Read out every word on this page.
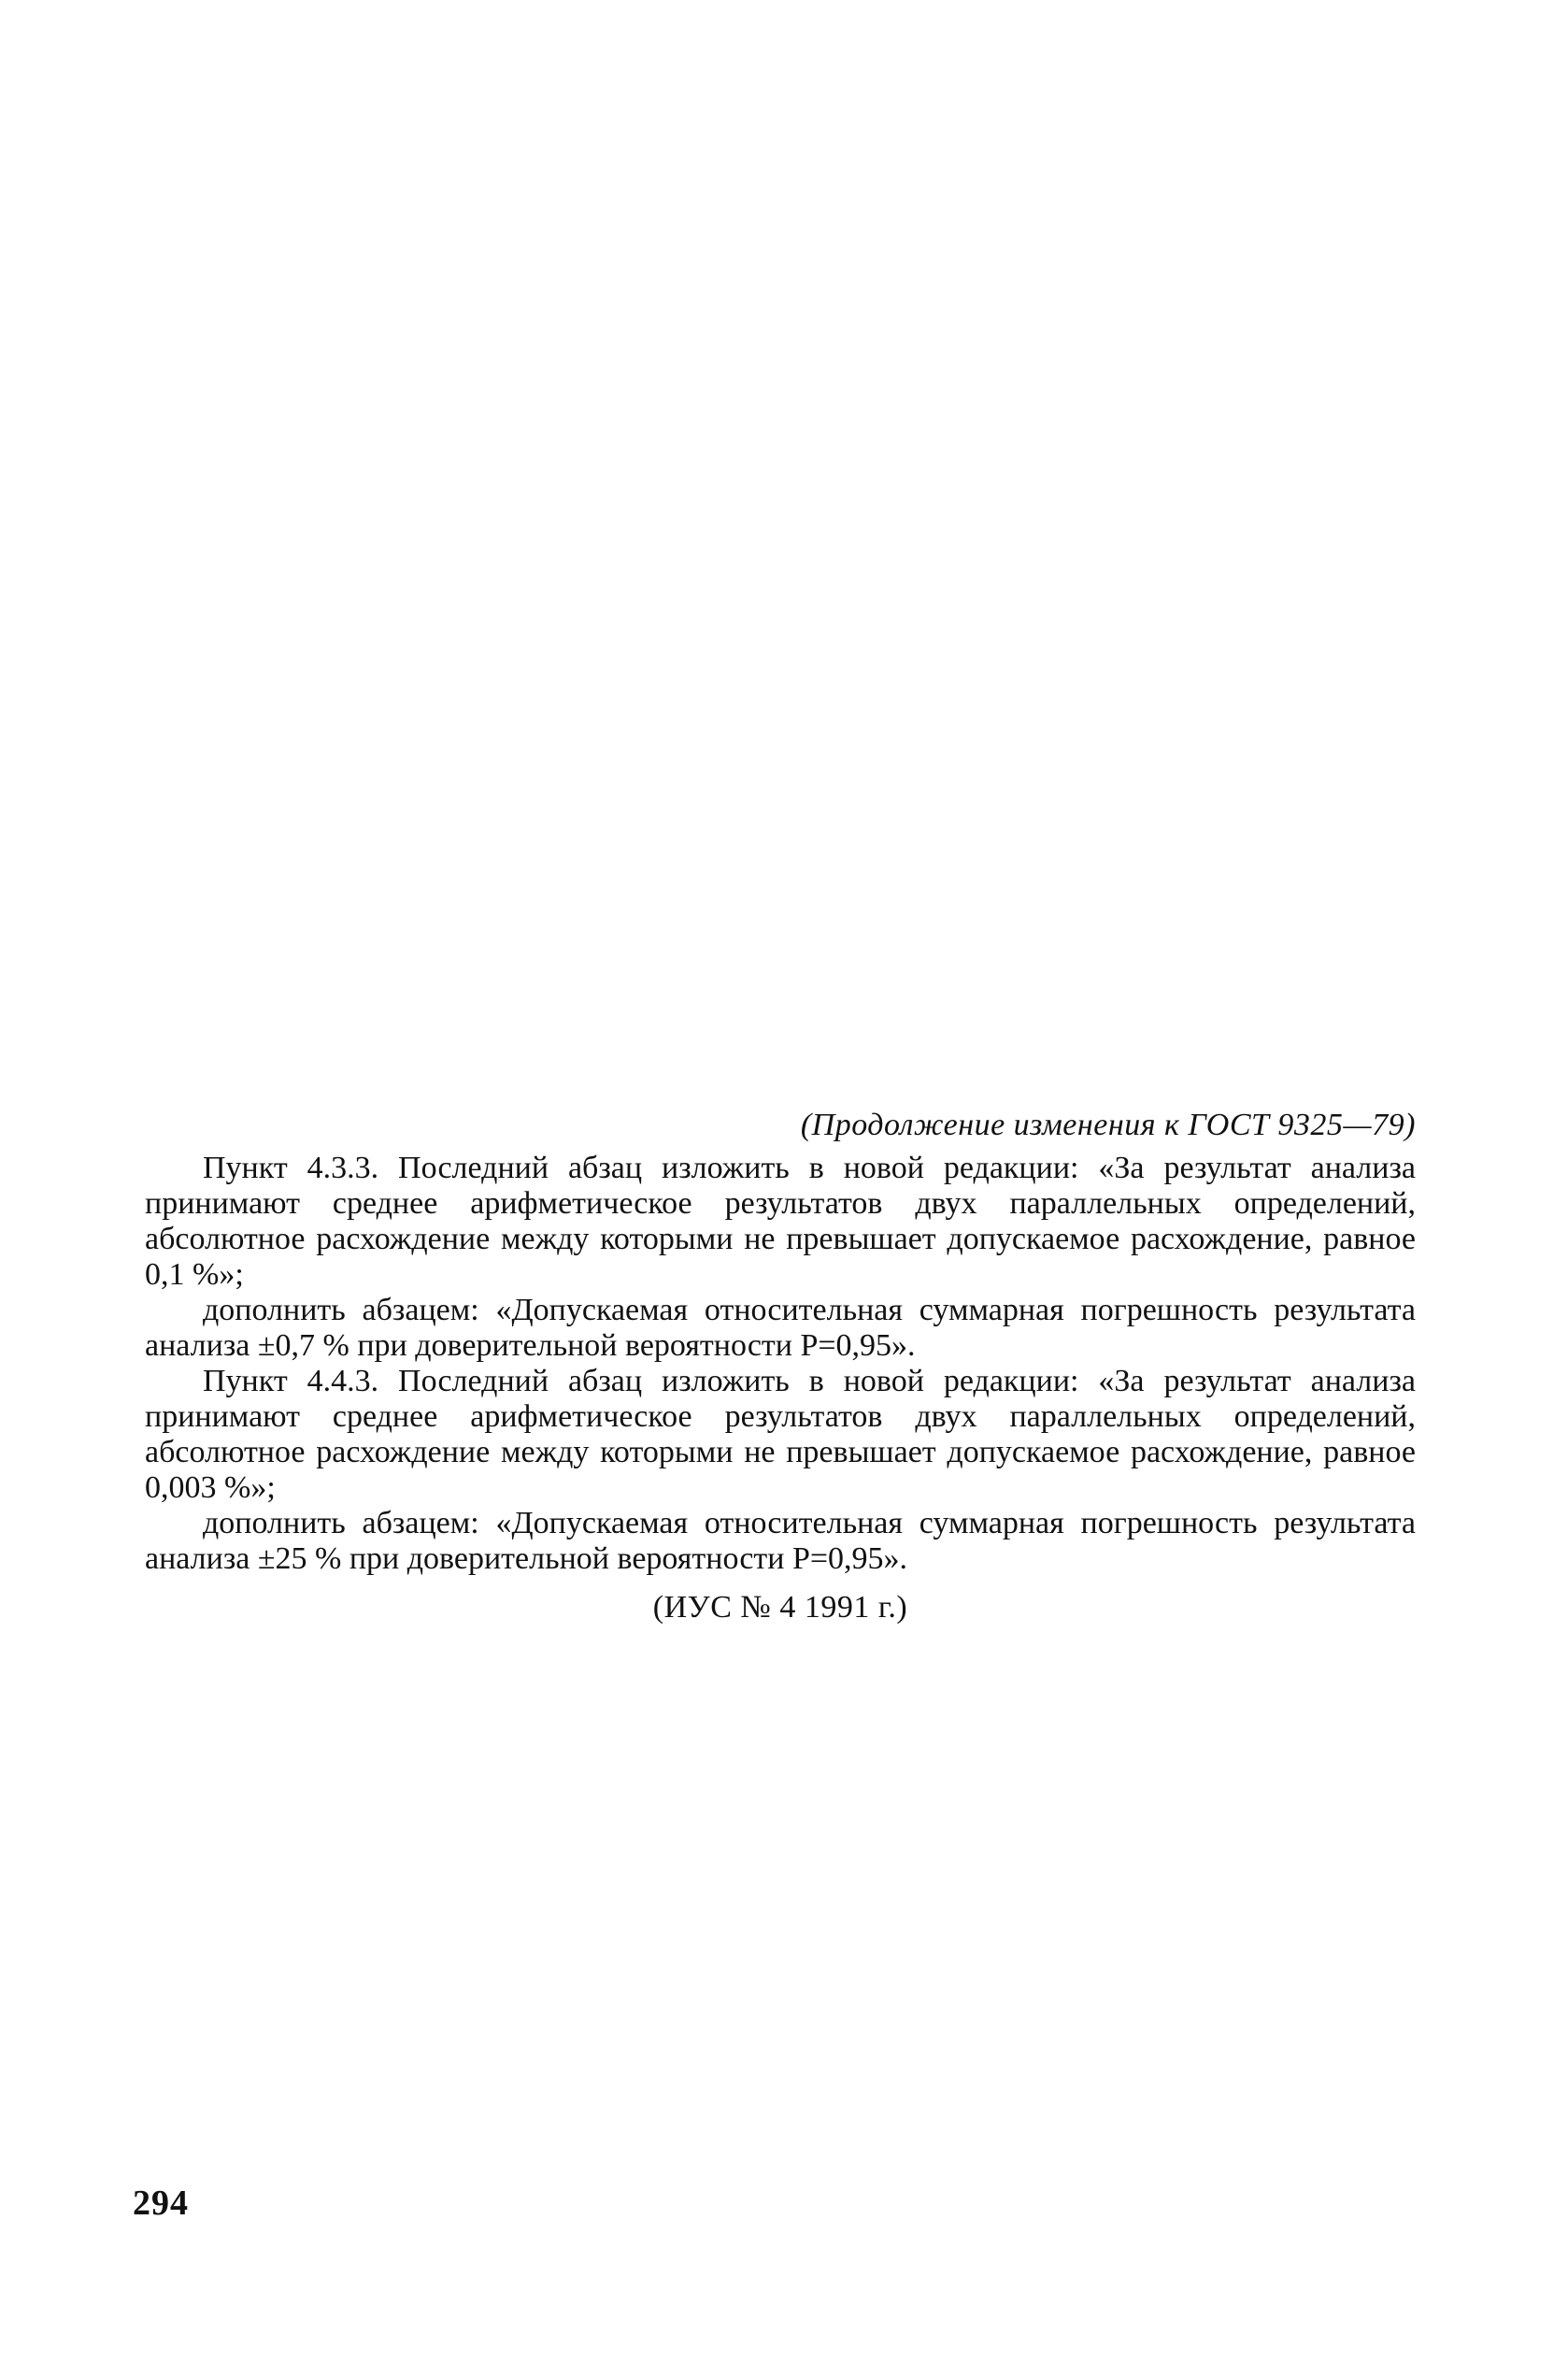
(Продолжение изменения к ГОСТ 9325—79)

Пункт 4.3.3. Последний абзац изложить в новой редакции: «За результат анализа принимают среднее арифметическое результатов двух параллельных определений, абсолютное расхождение между которыми не превышает допускаемое расхождение, равное 0,1 %»;

дополнить абзацем: «Допускаемая относительная суммарная погрешность результата анализа ±0,7 % при доверительной вероятности P=0,95».

Пункт 4.4.3. Последний абзац изложить в новой редакции: «За результат анализа принимают среднее арифметическое результатов двух параллельных определений, абсолютное расхождение между которыми не превышает допускаемое расхождение, равное 0,003 %»;

дополнить абзацем: «Допускаемая относительная суммарная погрешность результата анализа ±25 % при доверительной вероятности P=0,95».

(ИУС № 4 1991 г.)

294
